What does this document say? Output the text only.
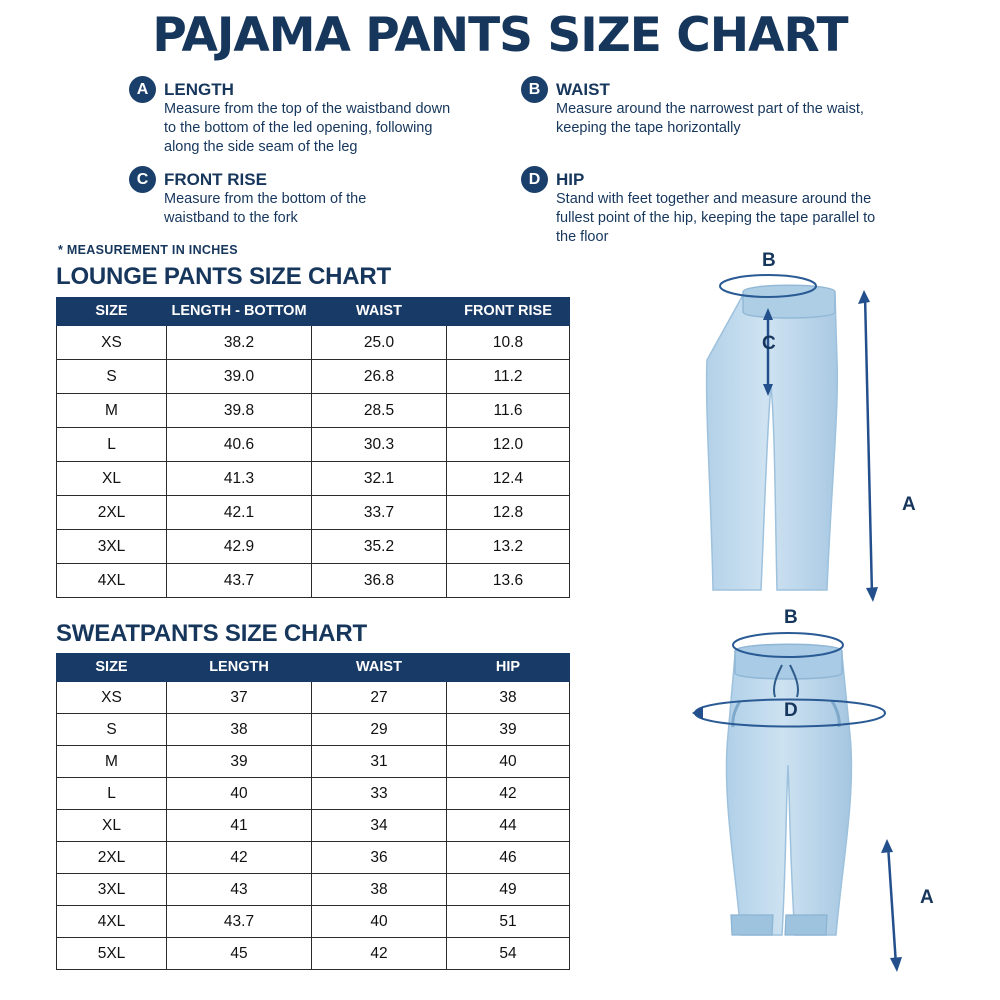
PAJAMA PANTS SIZE CHART
A LENGTH
Measure from the top of the waistband down to the bottom of the led opening, following along the side seam of the leg
B WAIST
Measure around the narrowest part of the waist, keeping the tape horizontally
C FRONT RISE
Measure from the bottom of the waistband to the fork
D HIP
Stand with feet together and measure around the fullest point of the hip, keeping the tape parallel to the floor
* MEASUREMENT IN INCHES
LOUNGE PANTS SIZE CHART
SIZE	LENGTH - BOTTOM	WAIST	FRONT RISE
XS	38.2	25.0	10.8
S	39.0	26.8	11.2
M	39.8	28.5	11.6
L	40.6	30.3	12.0
XL	41.3	32.1	12.4
2XL	42.1	33.7	12.8
3XL	42.9	35.2	13.2
4XL	43.7	36.8	13.6
SWEATPANTS SIZE CHART
SIZE	LENGTH	WAIST	HIP
XS	37	27	38
S	38	29	39
M	39	31	40
L	40	33	42
XL	41	34	44
2XL	42	36	46
3XL	43	38	49
4XL	43.7	40	51
5XL	45	42	54
B
C
A
B
D
A
